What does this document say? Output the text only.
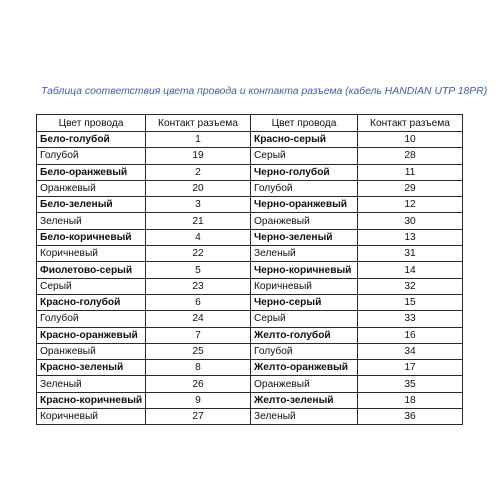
Таблица соответствия цвета провода и контакта разъема (кабель HANDIAN UTP 18PR)
Цвет провода	Контакт разъема	Цвет провода	Контакт разъема
Бело-голубой	1	Красно-серый	10
Голубой	19	Серый	28
Бело-оранжевый	2	Черно-голубой	11
Оранжевый	20	Голубой	29
Бело-зеленый	3	Черно-оранжевый	12
Зеленый	21	Оранжевый	30
Бело-коричневый	4	Черно-зеленый	13
Коричневый	22	Зеленый	31
Фиолетово-серый	5	Черно-коричневый	14
Серый	23	Коричневый	32
Красно-голубой	6	Черно-серый	15
Голубой	24	Серый	33
Красно-оранжевый	7	Желто-голубой	16
Оранжевый	25	Голубой	34
Красно-зеленый	8	Желто-оранжевый	17
Зеленый	26	Оранжевый	35
Красно-коричневый	9	Желто-зеленый	18
Коричневый	27	Зеленый	36
